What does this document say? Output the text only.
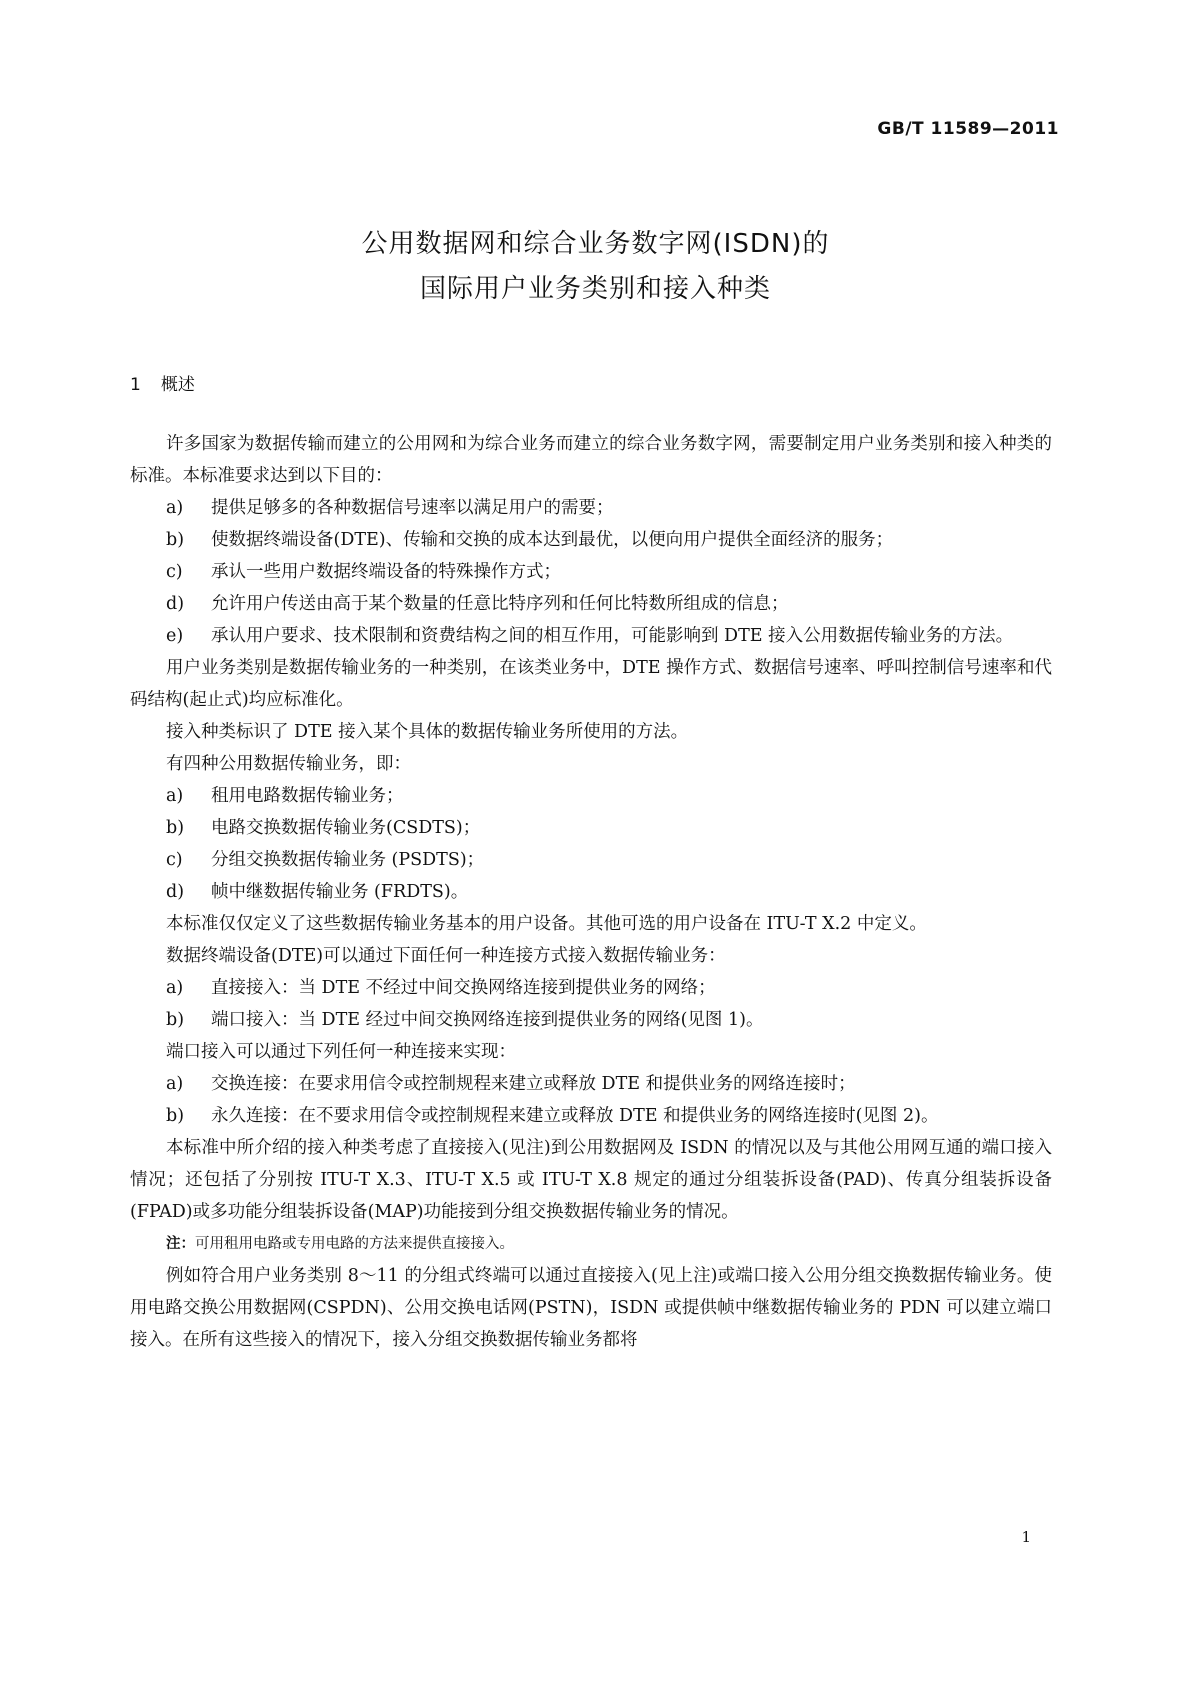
GB/T 11589—2011
公用数据网和综合业务数字网(ISDN)的
国际用户业务类别和接入种类
1 概述

许多国家为数据传输而建立的公用网和为综合业务而建立的综合业务数字网，需要制定用户业务类别和接入种类的标准。本标准要求达到以下目的：

a)	提供足够多的各种数据信号速率以满足用户的需要；
b)	使数据终端设备(DTE)、传输和交换的成本达到最优，以便向用户提供全面经济的服务；
c)	承认一些用户数据终端设备的特殊操作方式；
d)	允许用户传送由高于某个数量的任意比特序列和任何比特数所组成的信息；
e)	承认用户要求、技术限制和资费结构之间的相互作用，可能影响到 DTE 接入公用数据传输业务的方法。

用户业务类别是数据传输业务的一种类别，在该类业务中，DTE 操作方式、数据信号速率、呼叫控制信号速率和代码结构(起止式)均应标准化。

接入种类标识了 DTE 接入某个具体的数据传输业务所使用的方法。

有四种公用数据传输业务，即：

a)	租用电路数据传输业务；
b)	电路交换数据传输业务(CSDTS)；
c)	分组交换数据传输业务 (PSDTS)；
d)	帧中继数据传输业务 (FRDTS)。

本标准仅仅定义了这些数据传输业务基本的用户设备。其他可选的用户设备在 ITU-T X.2 中定义。

数据终端设备(DTE)可以通过下面任何一种连接方式接入数据传输业务：

a)	直接接入：当 DTE 不经过中间交换网络连接到提供业务的网络；
b)	端口接入：当 DTE 经过中间交换网络连接到提供业务的网络(见图 1)。

端口接入可以通过下列任何一种连接来实现：

a)	交换连接：在要求用信令或控制规程来建立或释放 DTE 和提供业务的网络连接时；
b)	永久连接：在不要求用信令或控制规程来建立或释放 DTE 和提供业务的网络连接时(见图 2)。

本标准中所介绍的接入种类考虑了直接接入(见注)到公用数据网及 ISDN 的情况以及与其他公用网互通的端口接入情况；还包括了分别按 ITU-T X.3、ITU-T X.5 或 ITU-T X.8 规定的通过分组装拆设备(PAD)、传真分组装拆设备(FPAD)或多功能分组装拆设备(MAP)功能接到分组交换数据传输业务的情况。

注：可用租用电路或专用电路的方法来提供直接接入。

例如符合用户业务类别 8～11 的分组式终端可以通过直接接入(见上注)或端口接入公用分组交换数据传输业务。使用电路交换公用数据网(CSPDN)、公用交换电话网(PSTN)，ISDN 或提供帧中继数据传输业务的 PDN 可以建立端口接入。在所有这些接入的情况下，接入分组交换数据传输业务都将

1
